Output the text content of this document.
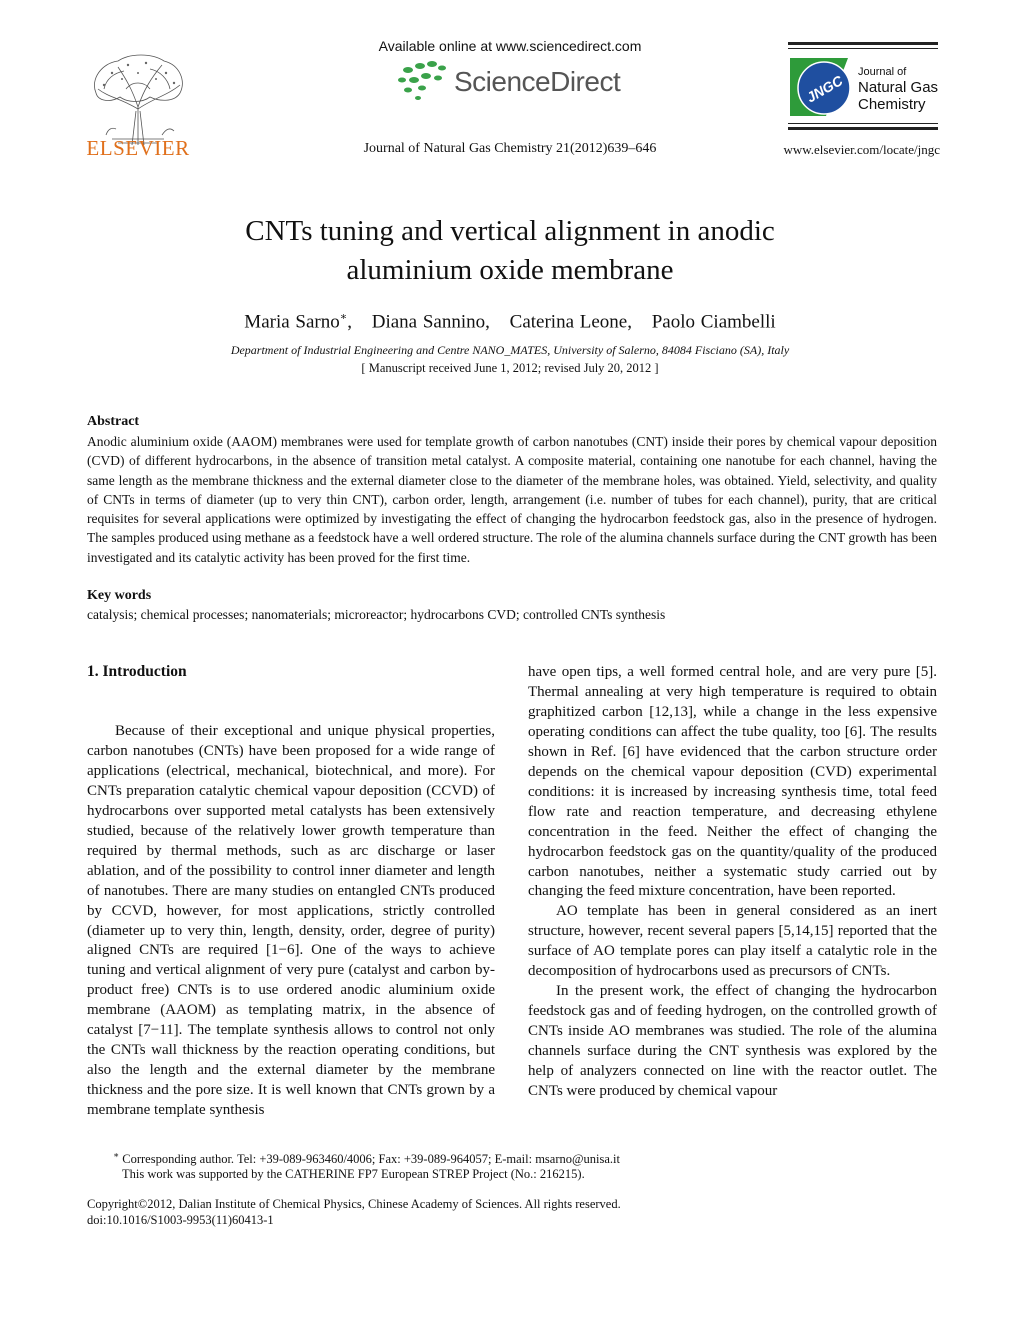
ELSEVIER
Available online at www.sciencedirect.com
ScienceDirect
Journal of Natural Gas Chemistry 21(2012)639–646
JNGC
Journal of
Natural Gas
Chemistry
www.elsevier.com/locate/jngc
CNTs tuning and vertical alignment in anodic
aluminium oxide membrane
Maria Sarno∗, Diana Sannino, Caterina Leone, Paolo Ciambelli
Department of Industrial Engineering and Centre NANO_MATES, University of Salerno, 84084 Fisciano (SA), Italy
[ Manuscript received June 1, 2012; revised July 20, 2012 ]
Abstract
Anodic aluminium oxide (AAOM) membranes were used for template growth of carbon nanotubes (CNT) inside their pores by chemical vapour deposition (CVD) of different hydrocarbons, in the absence of transition metal catalyst. A composite material, containing one nanotube for each channel, having the same length as the membrane thickness and the external diameter close to the diameter of the membrane holes, was obtained. Yield, selectivity, and quality of CNTs in terms of diameter (up to very thin CNT), carbon order, length, arrangement (i.e. number of tubes for each channel), purity, that are critical requisites for several applications were optimized by investigating the effect of changing the hydrocarbon feedstock gas, also in the presence of hydrogen. The samples produced using methane as a feedstock have a well ordered structure. The role of the alumina channels surface during the CNT growth has been investigated and its catalytic activity has been proved for the first time.
Key words
catalysis; chemical processes; nanomaterials; microreactor; hydrocarbons CVD; controlled CNTs synthesis
1. Introduction

Because of their exceptional and unique physical properties, carbon nanotubes (CNTs) have been proposed for a wide range of applications (electrical, mechanical, biotechnical, and more). For CNTs preparation catalytic chemical vapour deposition (CCVD) of hydrocarbons over supported metal catalysts has been extensively studied, because of the relatively lower growth temperature than required by thermal methods, such as arc discharge or laser ablation, and of the possibility to control inner diameter and length of nanotubes. There are many studies on entangled CNTs produced by CCVD, however, for most applications, strictly controlled (diameter up to very thin, length, density, order, degree of purity) aligned CNTs are required [1−6]. One of the ways to achieve tuning and vertical alignment of very pure (catalyst and carbon by-product free) CNTs is to use ordered anodic aluminium oxide membrane (AAOM) as templating matrix, in the absence of catalyst [7−11]. The template synthesis allows to control not only the CNTs wall thickness by the reaction operating conditions, but also the length and the external diameter by the membrane thickness and the pore size. It is well known that CNTs grown by a membrane template synthesis

have open tips, a well formed central hole, and are very pure [5]. Thermal annealing at very high temperature is required to obtain graphitized carbon [12,13], while a change in the less expensive operating conditions can affect the tube quality, too [6]. The results shown in Ref. [6] have evidenced that the carbon structure order depends on the chemical vapour deposition (CVD) experimental conditions: it is increased by increasing synthesis time, total feed flow rate and reaction temperature, and decreasing ethylene concentration in the feed. Neither the effect of changing the hydrocarbon feedstock gas on the quantity/quality of the produced carbon nanotubes, neither a systematic study carried out by changing the feed mixture concentration, have been reported.

AO template has been in general considered as an inert structure, however, recent several papers [5,14,15] reported that the surface of AO template pores can play itself a catalytic role in the decomposition of hydrocarbons used as precursors of CNTs.

In the present work, the effect of changing the hydrocarbon feedstock gas and of feeding hydrogen, on the controlled growth of CNTs inside AO membranes was studied. The role of the alumina channels surface during the CNT synthesis was explored by the help of analyzers connected on line with the reactor outlet. The CNTs were produced by chemical vapour

∗ Corresponding author. Tel: +39-089-963460/4006; Fax: +39-089-964057; E-mail: msarno@unisa.it
This work was supported by the CATHERINE FP7 European STREP Project (No.: 216215).
Copyright©2012, Dalian Institute of Chemical Physics, Chinese Academy of Sciences. All rights reserved.
doi:10.1016/S1003-9953(11)60413-1
